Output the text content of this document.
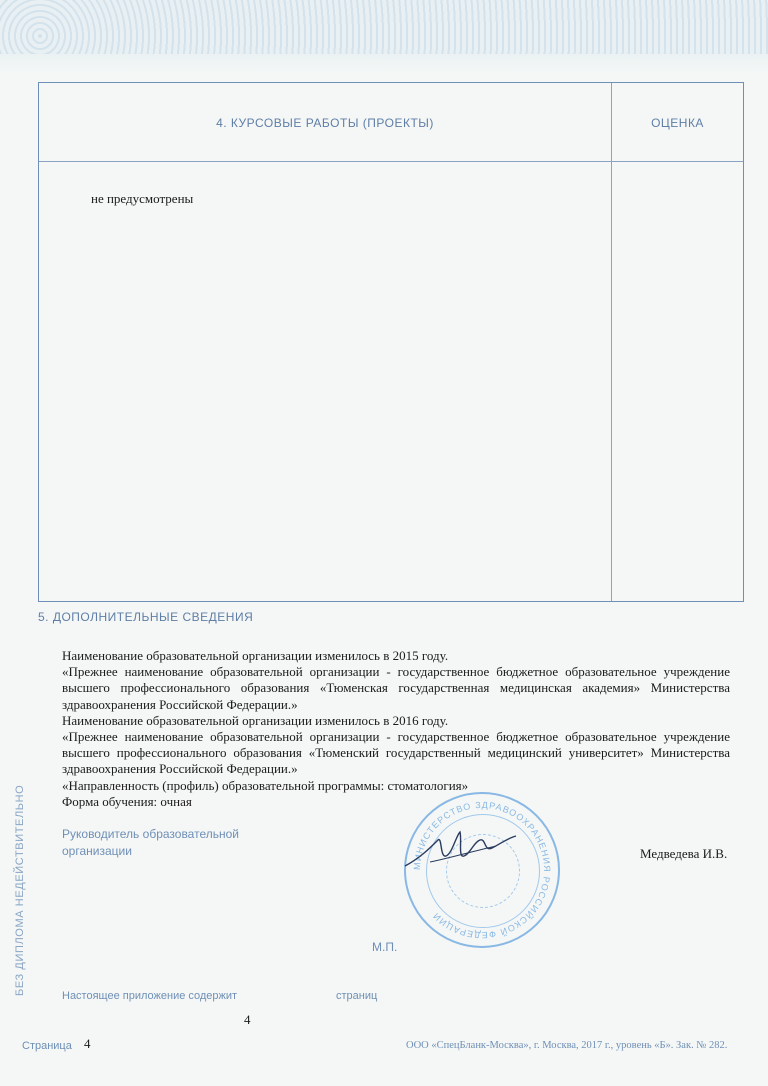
4. КУРСОВЫЕ РАБОТЫ (ПРОЕКТЫ)	ОЦЕНКА
не предусмотрены
5. ДОПОЛНИТЕЛЬНЫЕ СВЕДЕНИЯ

Наименование образовательной организации изменилось в 2015 году.

«Прежнее наименование образовательной организации - государственное бюджетное образовательное учреждение высшего профессионального образования «Тюменская государственная медицинская академия» Министерства здравоохранения Российской Федерации.»

Наименование образовательной организации изменилось в 2016 году.

«Прежнее наименование образовательной организации - государственное бюджетное образовательное учреждение высшего профессионального образования «Тюменский государственный медицинский университет» Министерства здравоохранения Российской Федерации.»

«Направленность (профиль) образовательной программы: стоматология»

Форма обучения: очная

Руководитель образовательной
организации
МИНИСТЕРСТВО ЗДРАВООХРАНЕНИЯ РОССИЙСКОЙ ФЕДЕРАЦИИ
Медведева И.В.
М.П.
БЕЗ ДИПЛОМА НЕДЕЙСТВИТЕЛЬНО	Настоящее приложение содержит	страниц
4
Страница 4	ООО «СпецБланк-Москва», г. Москва, 2017 г., уровень «Б». Зак. № 282.
